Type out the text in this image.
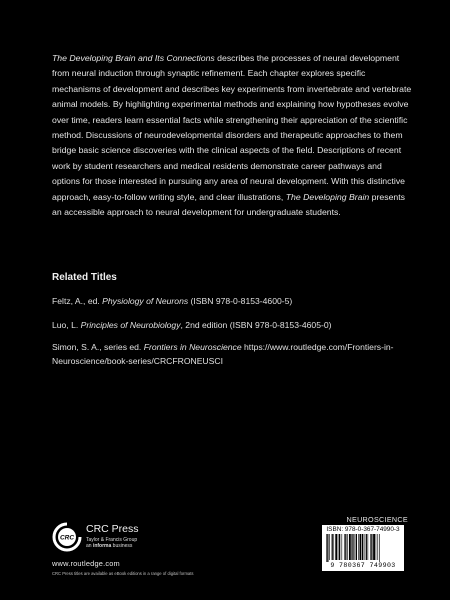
The Developing Brain and Its Connections describes the processes of neural development from neural induction through synaptic refinement. Each chapter explores specific mechanisms of development and describes key experiments from invertebrate and vertebrate animal models. By highlighting experimental methods and explaining how hypotheses evolve over time, readers learn essential facts while strengthening their appreciation of the scientific method. Discussions of neurodevelopmental disorders and therapeutic approaches to them bridge basic science discoveries with the clinical aspects of the field. Descriptions of recent work by student researchers and medical residents demonstrate career pathways and options for those interested in pursuing any area of neural development. With this distinctive approach, easy-to-follow writing style, and clear illustrations, The Developing Brain presents an accessible approach to neural development for undergraduate students.

Related Titles

Feltz, A., ed. Physiology of Neurons (ISBN 978-0-8153-4600-5)

Luo, L. Principles of Neurobiology, 2nd edition (ISBN 978-0-8153-4605-0)

Simon, S. A., series ed. Frontiers in Neuroscience https://www.routledge.com/Frontiers-in-Neuroscience/book-series/CRCFRONEUSCI

CRC

CRC Press

Taylor & Francis Group
an informa business

www.routledge.com

CRC Press titles are available as eBook editions in a range of digital formats

NEUROSCIENCE

ISBN: 978-0-367-74990-3

9 780367 749903
